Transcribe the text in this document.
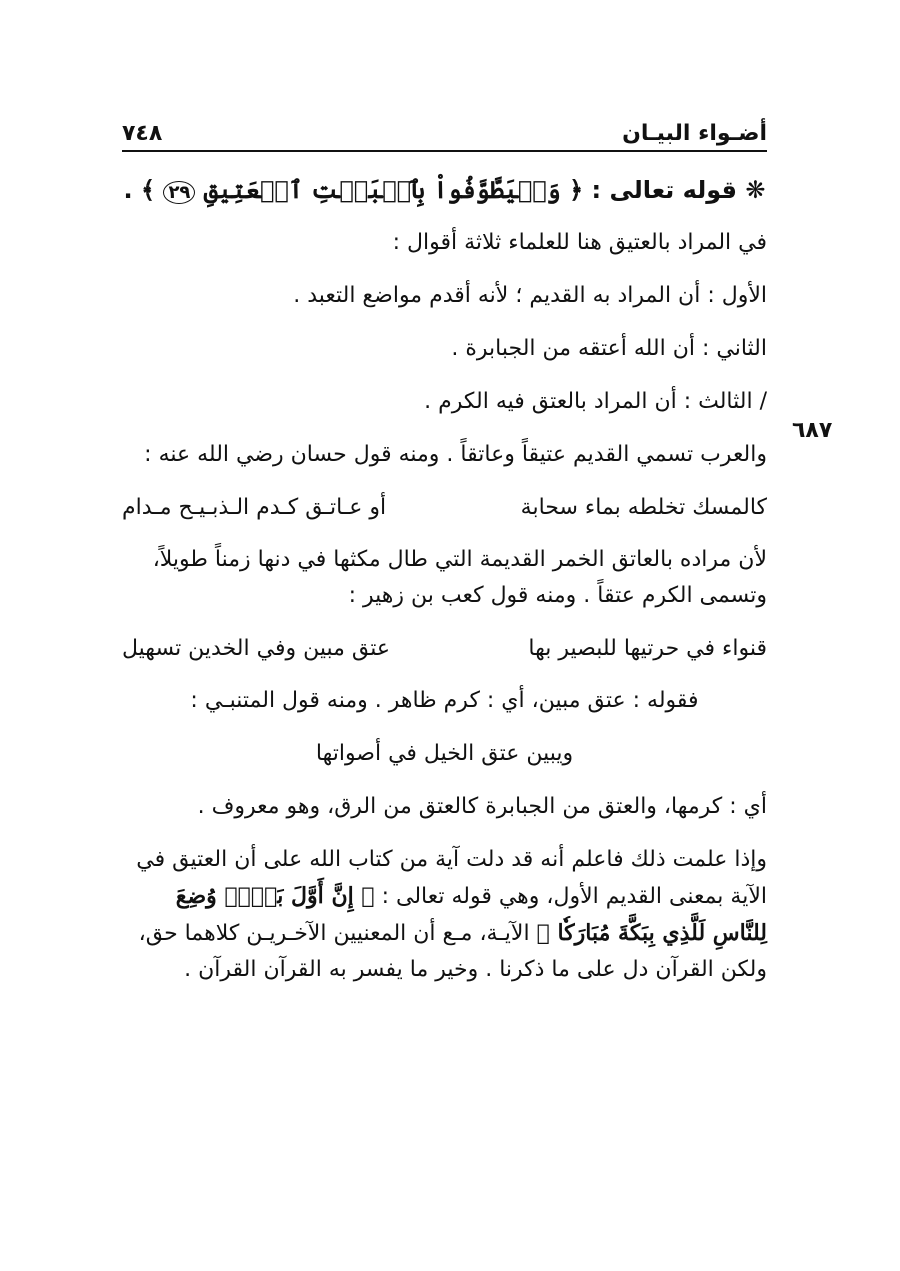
أضـواء البيـان
٧٤٨
٦٨٧
❋ قوله تعالى : ﴿ وَلۡيَطَّوَّفُواْ بِٱلۡبَيۡتِ ٱلۡعَتِيقِ ٢٩ ﴾ .

في المراد بالعتيق هنا للعلماء ثلاثة أقوال :

الأول : أن المراد به القديم ؛ لأنه أقدم مواضع التعبد .

الثاني : أن الله أعتقه من الجبابرة .

/ الثالث : أن المراد بالعتق فيه الكرم .

والعرب تسمي القديم عتيقاً وعاتقاً . ومنه قول حسان رضي الله عنه :

كالمسك تخلطه بماء سحابة
أو عـاتـق كـدم الـذبـيـح مـدام

لأن مراده بالعاتق الخمر القديمة التي طال مكثها في دنها زمناً طويلاً، وتسمى الكرم عتقاً . ومنه قول كعب بن زهير :

قنواء في حرتيها للبصير بها
عتق مبين وفي الخدين تسهيل

فقوله : عتق مبين، أي : كرم ظاهر . ومنه قول المتنبـي :

ويبين عتق الخيل في أصواتها

أي : كرمها، والعتق من الجبابرة كالعتق من الرق، وهو معروف .

وإذا علمت ذلك فاعلم أنه قد دلت آية من كتاب الله على أن العتيق في الآية بمعنى القديم الأول، وهي قوله تعالى : ﴿ إِنَّ أَوَّلَ بَيۡتٖ وُضِعَ لِلنَّاسِ لَلَّذِي بِبَكَّةَ مُبَارَكٗا ﴾ الآيـة، مـع أن المعنيين الآخـريـن كلاهما حق، ولكن القرآن دل على ما ذكرنا . وخير ما يفسر به القرآن القرآن .
